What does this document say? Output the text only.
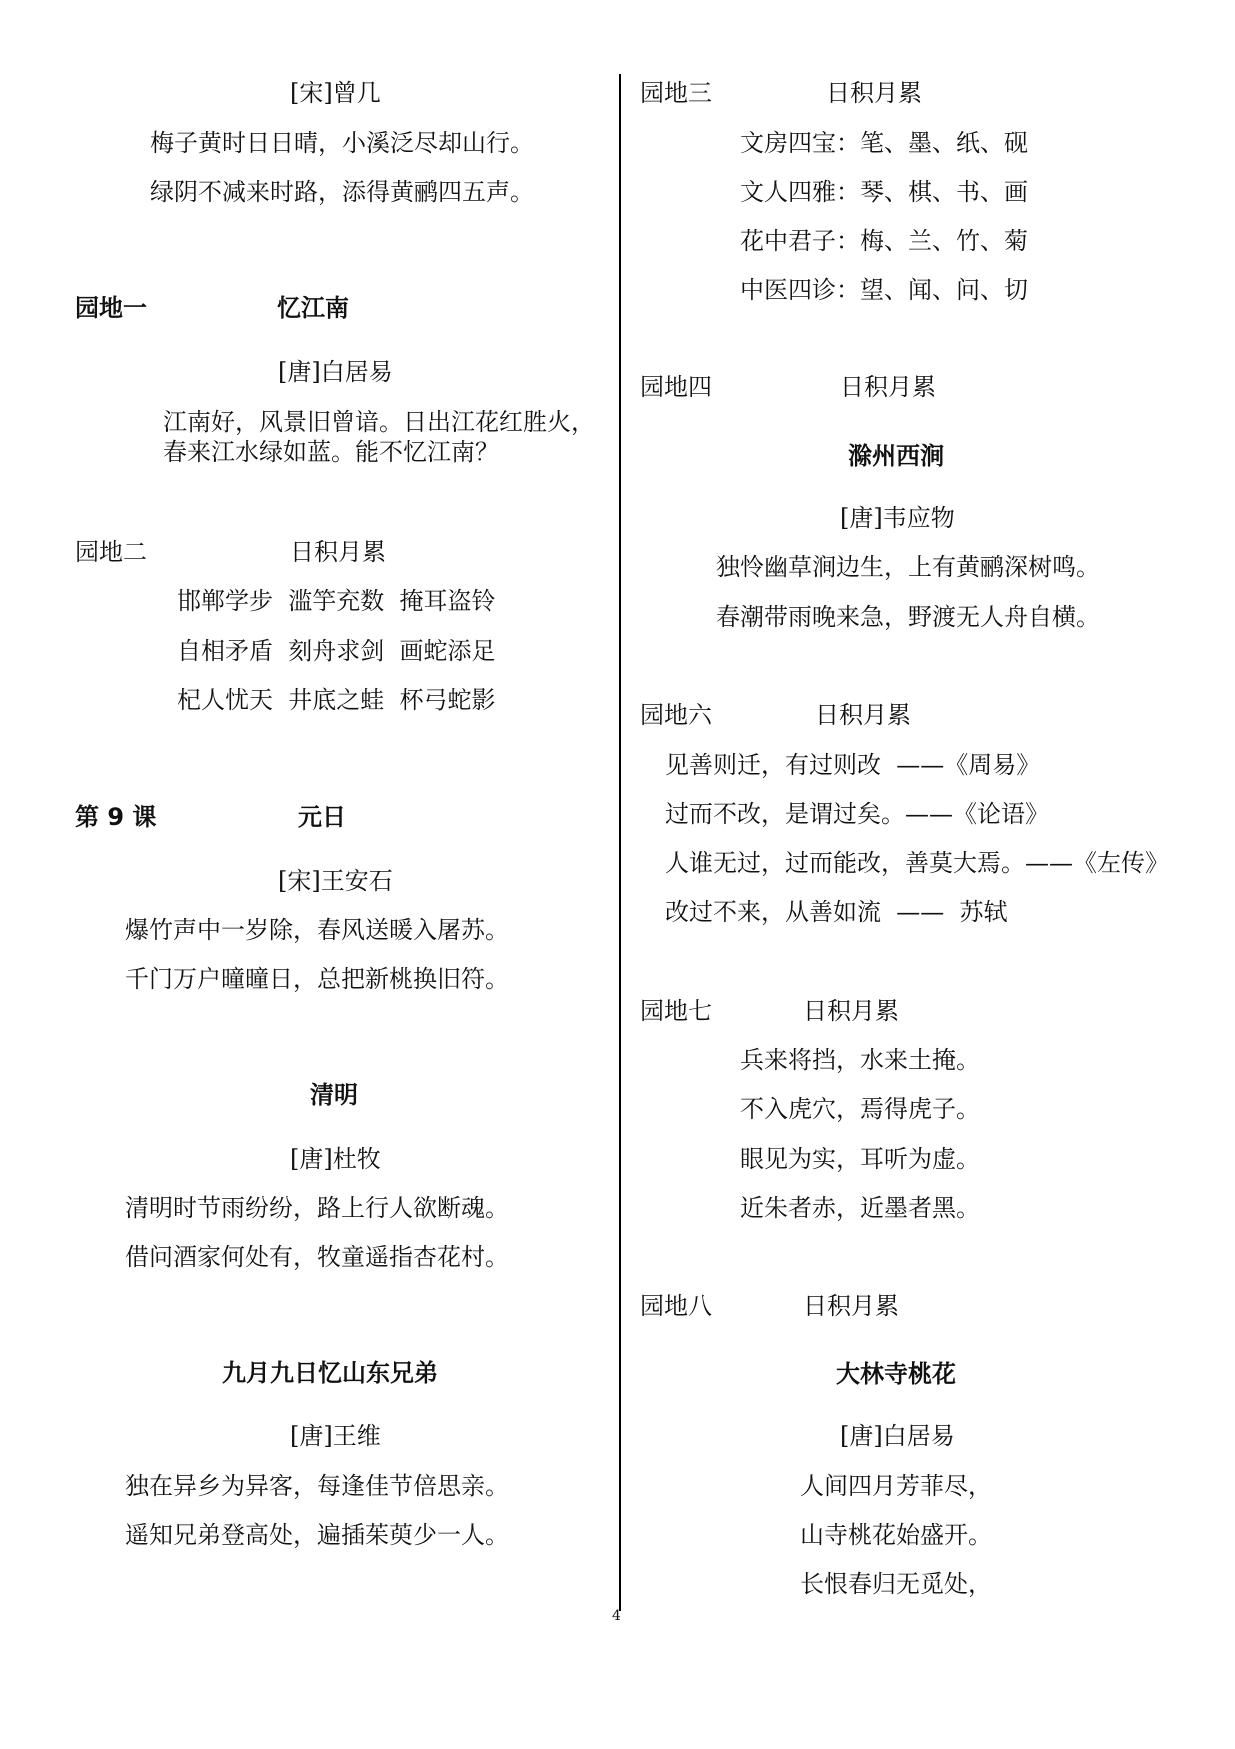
[宋]曾几
梅子黄时日日晴，小溪泛尽却山行。
绿阴不减来时路，添得黄鹂四五声。
园地一	忆江南
[唐]白居易
江南好，风景旧曾谙。日出江花红胜火，
春来江水绿如蓝。能不忆江南？
园地二	日积月累
邯郸学步  滥竽充数  掩耳盗铃
自相矛盾  刻舟求剑  画蛇添足
杞人忧天  井底之蛙  杯弓蛇影
第 9 课	元日
[宋]王安石
爆竹声中一岁除，春风送暖入屠苏。
千门万户曈曈日，总把新桃换旧符。
清明
[唐]杜牧
清明时节雨纷纷，路上行人欲断魂。
借问酒家何处有，牧童遥指杏花村。
九月九日忆山东兄弟
[唐]王维
独在异乡为异客，每逢佳节倍思亲。
遥知兄弟登高处，遍插茱萸少一人。
园地三	日积月累
文房四宝：笔、墨、纸、砚
文人四雅：琴、棋、书、画
花中君子：梅、兰、竹、菊
中医四诊：望、闻、问、切
园地四	日积月累
滁州西涧
[唐]韦应物
独怜幽草涧边生，上有黄鹂深树鸣。
春潮带雨晚来急，野渡无人舟自横。
园地六	日积月累
见善则迁，有过则改  ——《周易》
过而不改，是谓过矣。——《论语》
人谁无过，过而能改，善莫大焉。——《左传》
改过不来，从善如流  ——  苏轼
园地七	日积月累
兵来将挡，水来土掩。
不入虎穴，焉得虎子。
眼见为实，耳听为虚。
近朱者赤，近墨者黑。
园地八	日积月累
大林寺桃花
[唐]白居易
人间四月芳菲尽，
山寺桃花始盛开。
长恨春归无觅处，
4
